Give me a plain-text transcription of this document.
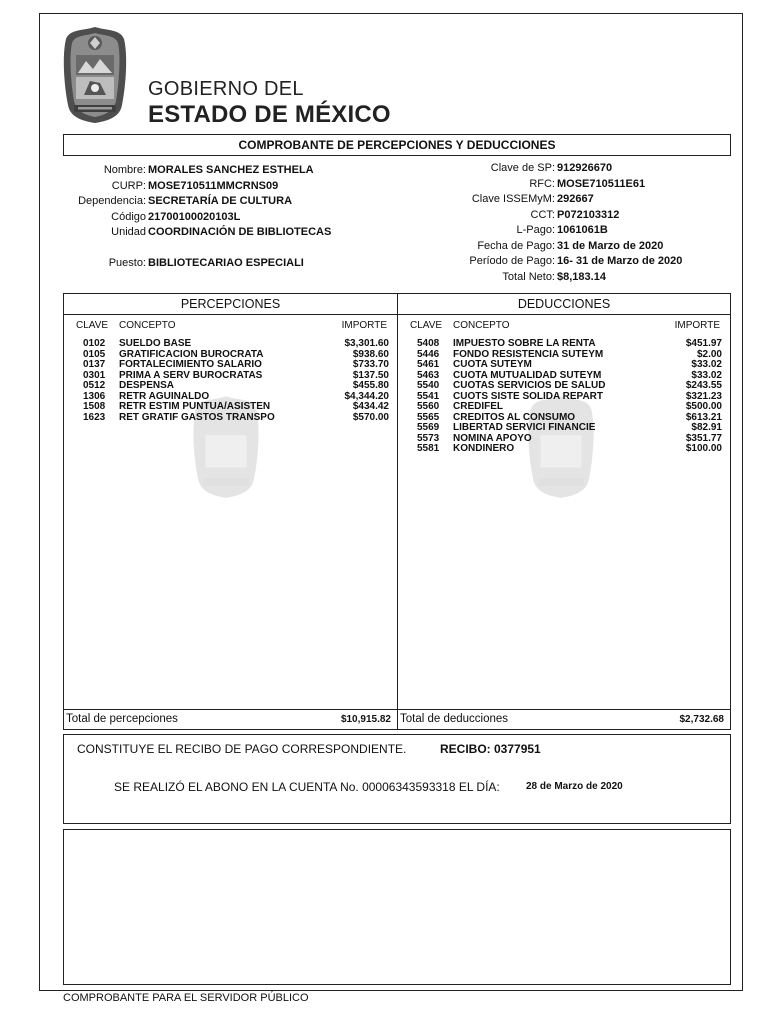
GOBIERNO DEL
ESTADO DE MÉXICO
COMPROBANTE DE PERCEPCIONES Y DEDUCCIONES
Nombre: MORALES SANCHEZ ESTHELA
CURP: MOSE710511MMCRNS09
Dependencia: SECRETARÍA DE CULTURA
Código 21700100020103L
Unidad COORDINACIÓN DE BIBLIOTECAS

Puesto: BIBLIOTECARIAO ESPECIALI
Clave de SP: 912926670
RFC: MOSE710511E61
Clave ISSEMyM: 292667
CCT: P072103312
L-Pago: 1061061B
Fecha de Pago: 31 de Marzo de 2020
Período de Pago: 16- 31 de Marzo de 2020
Total Neto: $8,183.14
PERCEPCIONES
CLAVE CONCEPTO	IMPORTE
0102 SUELDO BASE	$3,301.60
0105 GRATIFICACION BUROCRATA	$938.60
0137 FORTALECIMIENTO SALARIO	$733.70
0301 PRIMA A SERV BUROCRATAS	$137.50
0512 DESPENSA	$455.80
1306 RETR AGUINALDO	$4,344.20
1508 RETR ESTIM PUNTUA/ASISTEN	$434.42
1623 RET GRATIF GASTOS TRANSPO	$570.00
Total de percepciones	$10,915.82
DEDUCCIONES
CLAVE CONCEPTO	IMPORTE
5408 IMPUESTO SOBRE LA RENTA	$451.97
5446 FONDO RESISTENCIA SUTEYM	$2.00
5461 CUOTA SUTEYM	$33.02
5463 CUOTA MUTUALIDAD SUTEYM	$33.02
5540 CUOTAS SERVICIOS DE SALUD	$243.55
5541 CUOTS SISTE SOLIDA REPART	$321.23
5560 CREDIFEL	$500.00
5565 CREDITOS AL CONSUMO	$613.21
5569 LIBERTAD SERVICI FINANCIE	$82.91
5573 NOMINA APOYO	$351.77
5581 KONDINERO	$100.00
Total de deducciones	$2,732.68
CONSTITUYE EL RECIBO DE PAGO CORRESPONDIENTE.	RECIBO: 0377951
SE REALIZÓ EL ABONO EN LA CUENTA No. 00006343593318 EL DÍA:	28 de Marzo de 2020
COMPROBANTE PARA EL SERVIDOR PÚBLICO
